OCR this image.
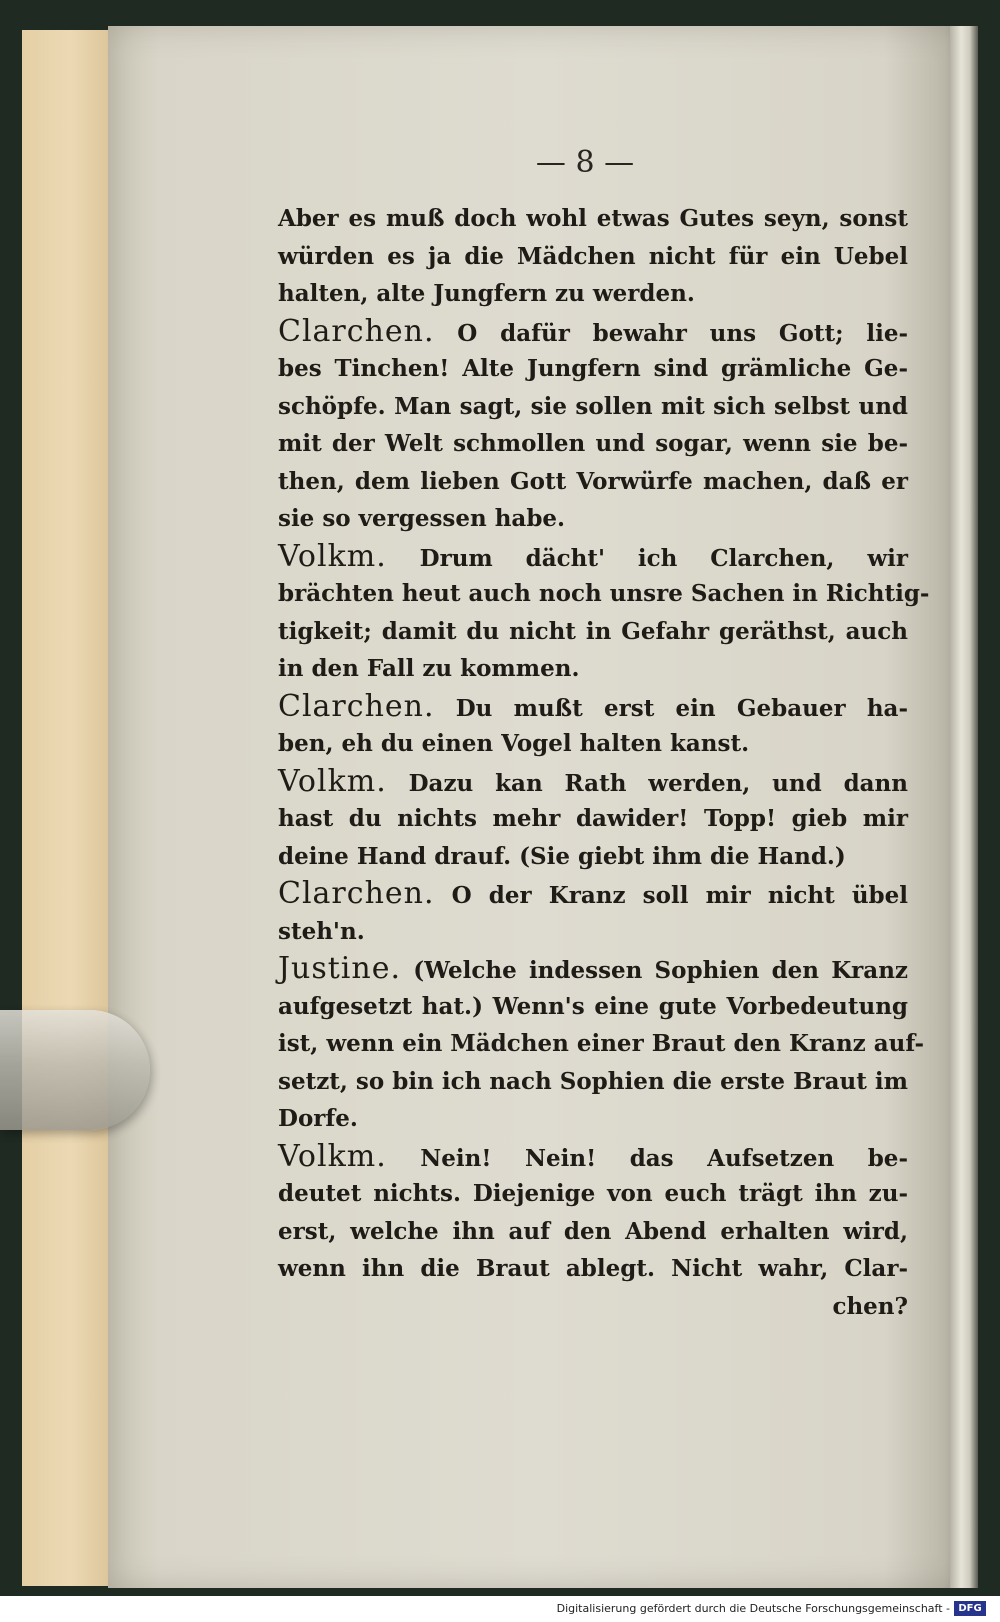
— 8 —
Aber es muß doch wohl etwas Gutes seyn, sonst
würden es ja die Mädchen nicht für ein Uebel
halten, alte Jungfern zu werden.
Clarchen. O dafür bewahr uns Gott; lie-
bes Tinchen! Alte Jungfern sind grämliche Ge-
schöpfe. Man sagt, sie sollen mit sich selbst und
mit der Welt schmollen und sogar, wenn sie be-
then, dem lieben Gott Vorwürfe machen, daß er
sie so vergessen habe.
Volkm. Drum dächt' ich Clarchen, wir
brächten heut auch noch unsre Sachen in Richtig-
tigkeit; damit du nicht in Gefahr geräthst, auch
in den Fall zu kommen.
Clarchen. Du mußt erst ein Gebauer ha-
ben, eh du einen Vogel halten kanst.
Volkm. Dazu kan Rath werden, und dann
hast du nichts mehr dawider! Topp! gieb mir
deine Hand drauf. (Sie giebt ihm die Hand.)
Clarchen. O der Kranz soll mir nicht übel
steh'n.
Justine. (Welche indessen Sophien den Kranz
aufgesetzt hat.) Wenn's eine gute Vorbedeutung
ist, wenn ein Mädchen einer Braut den Kranz auf-
setzt, so bin ich nach Sophien die erste Braut im
Dorfe.
Volkm. Nein! Nein! das Aufsetzen be-
deutet nichts. Diejenige von euch trägt ihn zu-
erst, welche ihn auf den Abend erhalten wird,
wenn ihn die Braut ablegt. Nicht wahr, Clar-
chen?
Digitalisierung gefördert durch die Deutsche Forschungsgemeinschaft - DFG
